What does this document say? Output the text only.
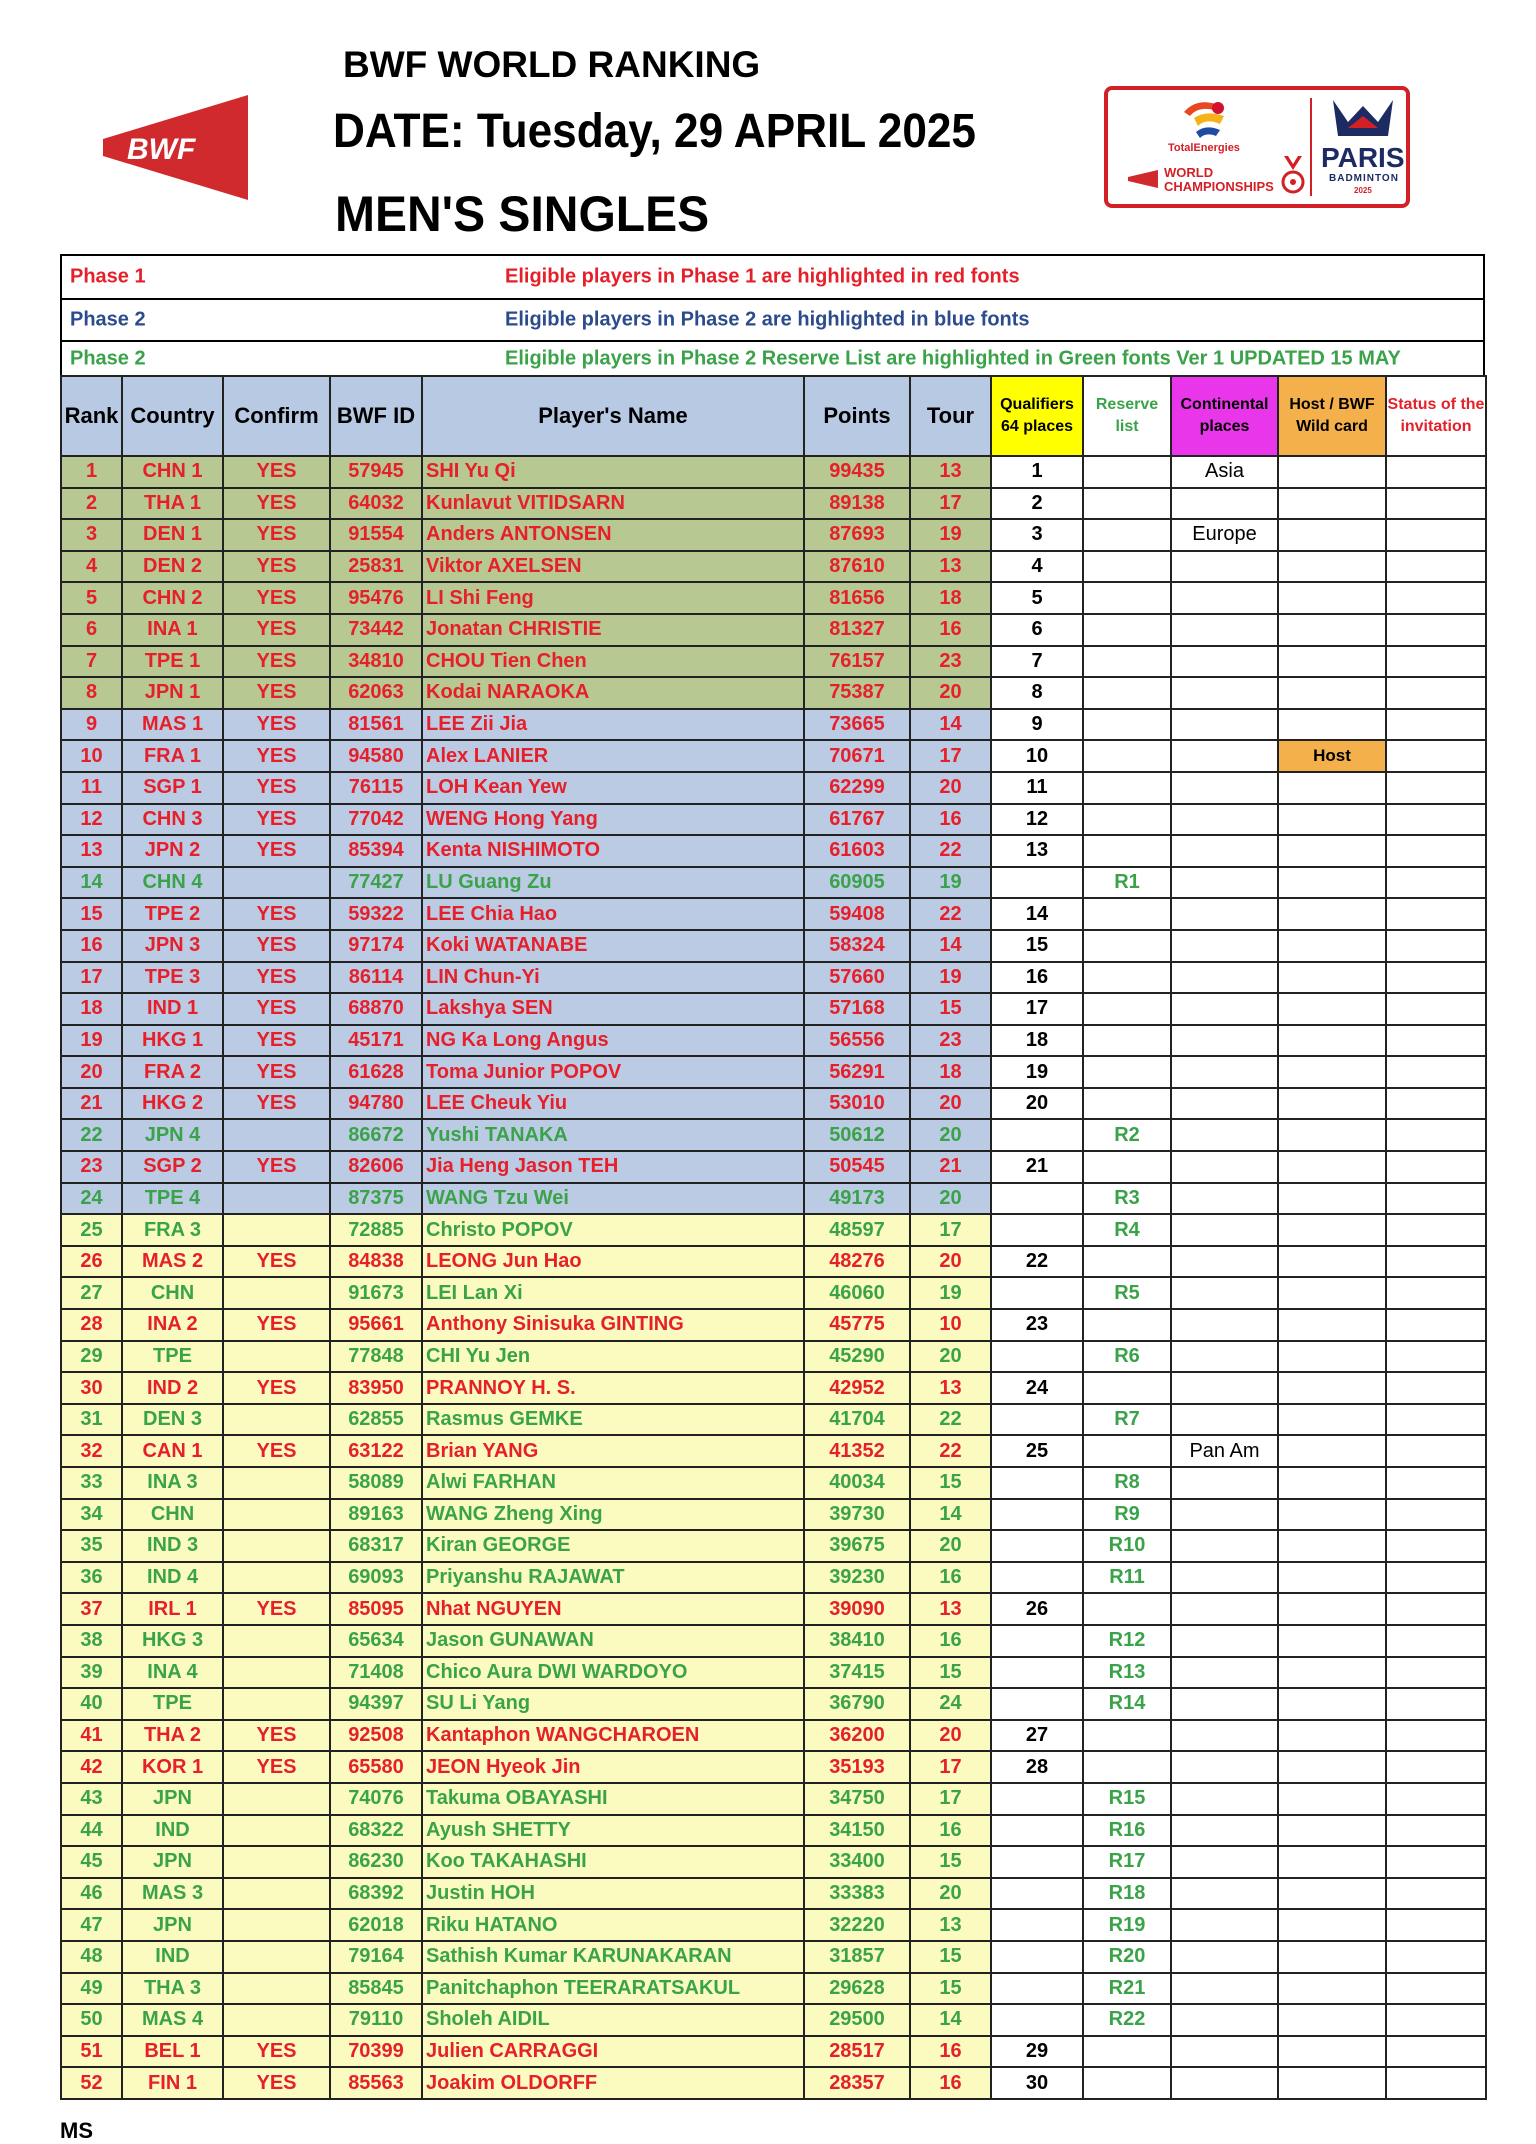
BWF
BWF WORLD RANKING
DATE: Tuesday, 29 APRIL 2025
MEN'S SINGLES
TotalEnergies
WORLD
CHAMPIONSHIPS
PARIS
BADMINTON
2025
Phase 1	Eligible players in Phase 1 are highlighted in red fonts
Phase 2	Eligible players in Phase 2 are highlighted in blue fonts
Phase 2	Eligible players in Phase 2 Reserve List are highlighted in Green fonts Ver 1 UPDATED 15 MAY
Rank	Country	Confirm	BWF ID	Player's Name	Points	Tour	Qualifiers 64 places	Reserve list	Continental places	Host / BWF Wild card	Status of the invitation
1	CHN 1	YES	57945	SHI Yu Qi	99435	13	1		Asia		
2	THA 1	YES	64032	Kunlavut VITIDSARN	89138	17	2				
3	DEN 1	YES	91554	Anders ANTONSEN	87693	19	3		Europe		
4	DEN 2	YES	25831	Viktor AXELSEN	87610	13	4				
5	CHN 2	YES	95476	LI Shi Feng	81656	18	5				
6	INA 1	YES	73442	Jonatan CHRISTIE	81327	16	6				
7	TPE 1	YES	34810	CHOU Tien Chen	76157	23	7				
8	JPN 1	YES	62063	Kodai NARAOKA	75387	20	8				
9	MAS 1	YES	81561	LEE Zii Jia	73665	14	9				
10	FRA 1	YES	94580	Alex LANIER	70671	17	10			Host	
11	SGP 1	YES	76115	LOH Kean Yew	62299	20	11				
12	CHN 3	YES	77042	WENG Hong Yang	61767	16	12				
13	JPN 2	YES	85394	Kenta NISHIMOTO	61603	22	13				
14	CHN 4		77427	LU Guang Zu	60905	19		R1			
15	TPE 2	YES	59322	LEE Chia Hao	59408	22	14				
16	JPN 3	YES	97174	Koki WATANABE	58324	14	15				
17	TPE 3	YES	86114	LIN Chun-Yi	57660	19	16				
18	IND 1	YES	68870	Lakshya SEN	57168	15	17				
19	HKG 1	YES	45171	NG Ka Long Angus	56556	23	18				
20	FRA 2	YES	61628	Toma Junior POPOV	56291	18	19				
21	HKG 2	YES	94780	LEE Cheuk Yiu	53010	20	20				
22	JPN 4		86672	Yushi TANAKA	50612	20		R2			
23	SGP 2	YES	82606	Jia Heng Jason TEH	50545	21	21				
24	TPE 4		87375	WANG Tzu Wei	49173	20		R3			
25	FRA 3		72885	Christo POPOV	48597	17		R4			
26	MAS 2	YES	84838	LEONG Jun Hao	48276	20	22				
27	CHN		91673	LEI Lan Xi	46060	19		R5			
28	INA 2	YES	95661	Anthony Sinisuka GINTING	45775	10	23				
29	TPE		77848	CHI Yu Jen	45290	20		R6			
30	IND 2	YES	83950	PRANNOY H. S.	42952	13	24				
31	DEN 3		62855	Rasmus GEMKE	41704	22		R7			
32	CAN 1	YES	63122	Brian YANG	41352	22	25		Pan Am		
33	INA 3		58089	Alwi FARHAN	40034	15		R8			
34	CHN		89163	WANG Zheng Xing	39730	14		R9			
35	IND 3		68317	Kiran GEORGE	39675	20		R10			
36	IND 4		69093	Priyanshu RAJAWAT	39230	16		R11			
37	IRL 1	YES	85095	Nhat NGUYEN	39090	13	26				
38	HKG 3		65634	Jason GUNAWAN	38410	16		R12			
39	INA 4		71408	Chico Aura DWI WARDOYO	37415	15		R13			
40	TPE		94397	SU Li Yang	36790	24		R14			
41	THA 2	YES	92508	Kantaphon WANGCHAROEN	36200	20	27				
42	KOR 1	YES	65580	JEON Hyeok Jin	35193	17	28				
43	JPN		74076	Takuma OBAYASHI	34750	17		R15			
44	IND		68322	Ayush SHETTY	34150	16		R16			
45	JPN		86230	Koo TAKAHASHI	33400	15		R17			
46	MAS 3		68392	Justin HOH	33383	20		R18			
47	JPN		62018	Riku HATANO	32220	13		R19			
48	IND		79164	Sathish Kumar KARUNAKARAN	31857	15		R20			
49	THA 3		85845	Panitchaphon TEERARATSAKUL	29628	15		R21			
50	MAS 4		79110	Sholeh AIDIL	29500	14		R22			
51	BEL 1	YES	70399	Julien CARRAGGI	28517	16	29				
52	FIN 1	YES	85563	Joakim OLDORFF	28357	16	30				
MS
